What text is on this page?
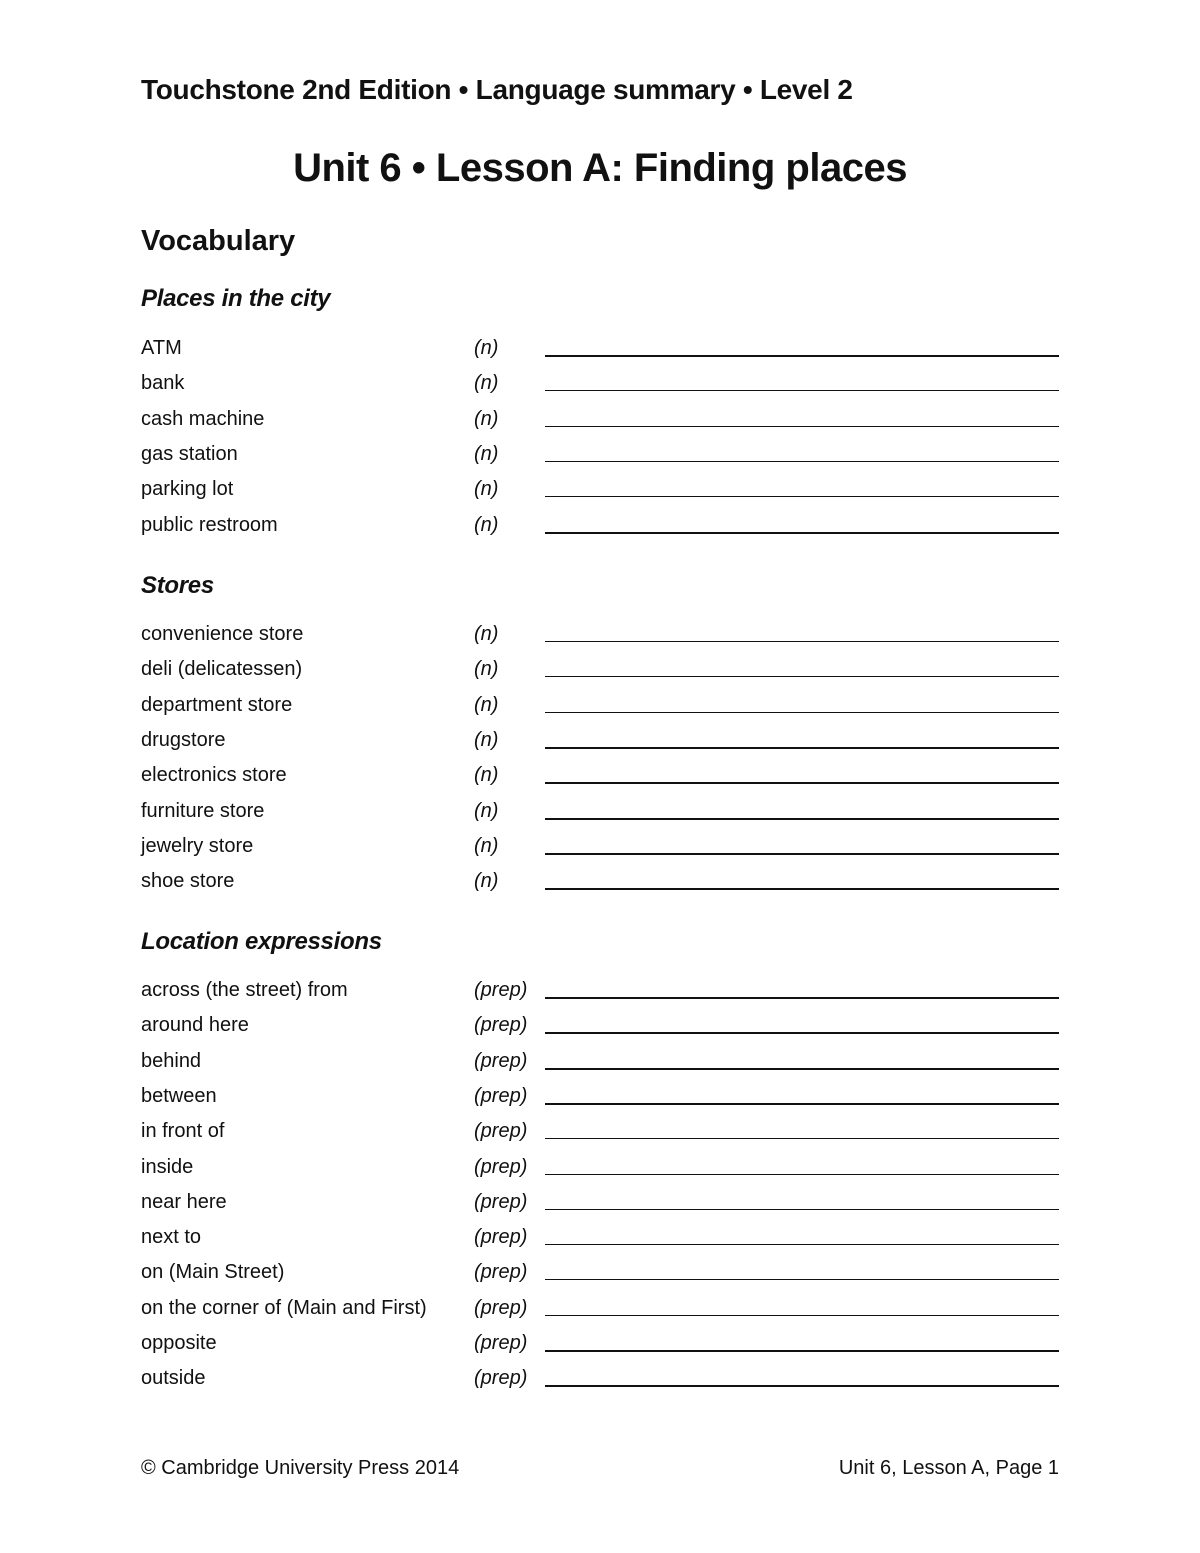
Touchstone 2nd Edition • Language summary • Level 2
Unit 6 • Lesson A: Finding places
Vocabulary
Places in the city
ATM	(n)
bank	(n)
cash machine	(n)
gas station	(n)
parking lot	(n)
public restroom	(n)
Stores
convenience store	(n)
deli (delicatessen)	(n)
department store	(n)
drugstore	(n)
electronics store	(n)
furniture store	(n)
jewelry store	(n)
shoe store	(n)
Location expressions
across (the street) from	(prep)
around here	(prep)
behind	(prep)
between	(prep)
in front of	(prep)
inside	(prep)
near here	(prep)
next to	(prep)
on (Main Street)	(prep)
on the corner of (Main and First) (prep)
opposite	(prep)
outside	(prep)
© Cambridge University Press 2014	Unit 6, Lesson A, Page 1
